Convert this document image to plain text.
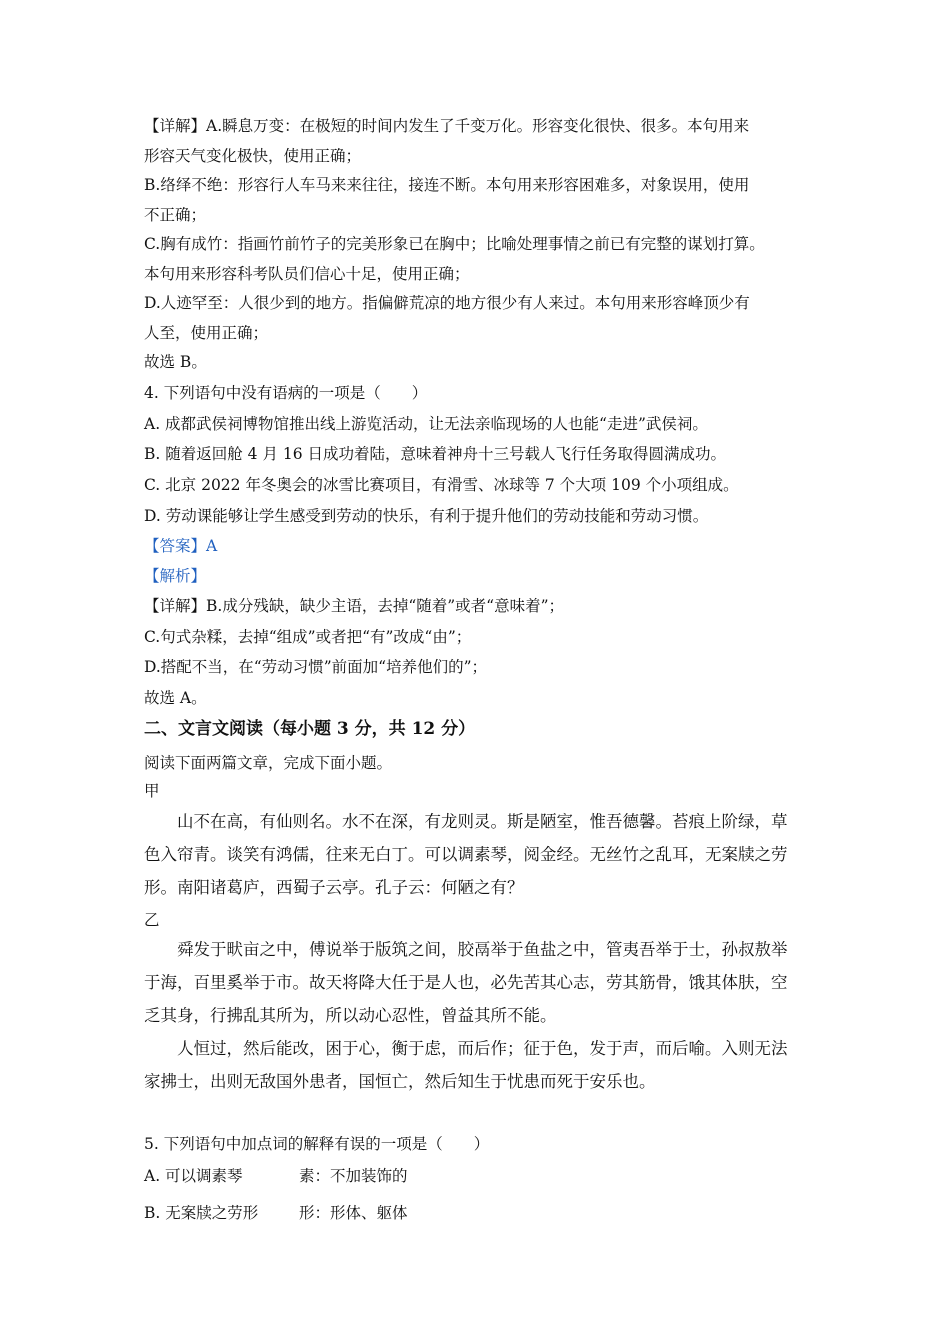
【详解】A.瞬息万变：在极短的时间内发生了千变万化。形容变化很快、很多。本句用来
形容天气变化极快，使用正确；
B.络绎不绝：形容行人车马来来往往，接连不断。本句用来形容困难多，对象误用，使用
不正确；
C.胸有成竹：指画竹前竹子的完美形象已在胸中；比喻处理事情之前已有完整的谋划打算。
本句用来形容科考队员们信心十足，使用正确；
D.人迹罕至：人很少到的地方。指偏僻荒凉的地方很少有人来过。本句用来形容峰顶少有
人至，使用正确；
故选 B。
4. 下列语句中没有语病的一项是（　　）
A. 成都武侯祠博物馆推出线上游览活动，让无法亲临现场的人也能“走进”武侯祠。
B. 随着返回舱 4 月 16 日成功着陆，意味着神舟十三号载人飞行任务取得圆满成功。
C. 北京 2022 年冬奥会的冰雪比赛项目，有滑雪、冰球等 7 个大项 109 个小项组成。
D. 劳动课能够让学生感受到劳动的快乐，有利于提升他们的劳动技能和劳动习惯。
【答案】A
【解析】
【详解】B.成分残缺，缺少主语，去掉“随着”或者“意味着”；
C.句式杂糅，去掉“组成”或者把“有”改成“由”；
D.搭配不当，在“劳动习惯”前面加“培养他们的”；
故选 A。
二、文言文阅读（每小题 3 分，共 12 分）
阅读下面两篇文章，完成下面小题。
甲
　　山不在高，有仙则名。水不在深，有龙则灵。斯是陋室，惟吾德馨。苔痕上阶绿，草
色入帘青。谈笑有鸿儒，往来无白丁。可以调素琴，阅金经。无丝竹之乱耳，无案牍之劳
形。南阳诸葛庐，西蜀子云亭。孔子云：何陋之有？
乙
　　舜发于畎亩之中，傅说举于版筑之间，胶鬲举于鱼盐之中，管夷吾举于士，孙叔敖举
于海，百里奚举于市。故天将降大任于是人也，必先苦其心志，劳其筋骨，饿其体肤，空
乏其身，行拂乱其所为，所以动心忍性，曾益其所不能。
　　人恒过，然后能改，困于心，衡于虑，而后作；征于色，发于声，而后喻。入则无法
家拂士，出则无敌国外患者，国恒亡，然后知生于忧患而死于安乐也。
5. 下列语句中加点词的解释有误的一项是（　　）
A. 可以调素琴	素：不加装饰的
B. 无案牍之劳形	形：形体、躯体
